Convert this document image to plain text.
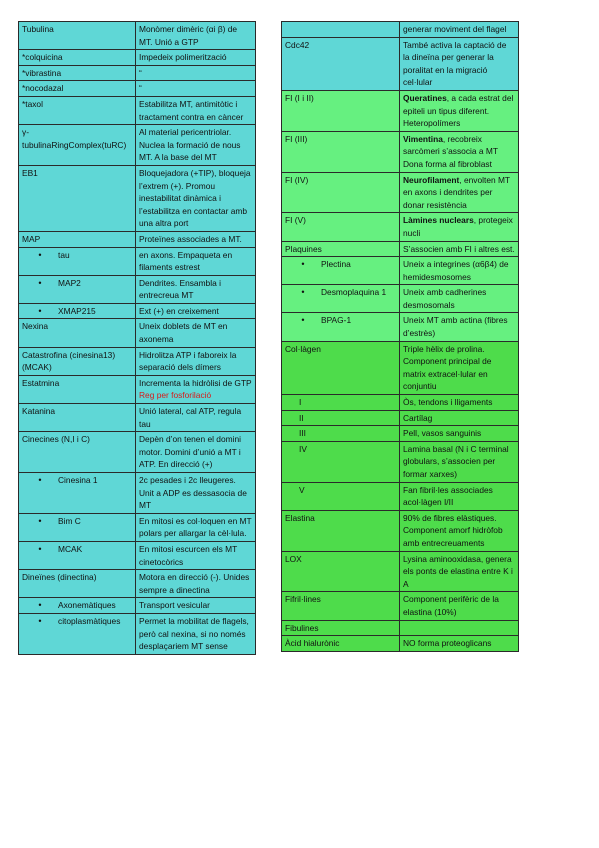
Tubulina	Monòmer dimèric (αi β) de MT. Unió a GTP
*colquicina	Impedeix polimerització
*vibrastina	“
*nocodazal	“
*taxol	Estabilitza MT, antimitòtic i tractament contra en càncer
γ-tubulinaRingComplex(tuRC)	Al material pericentriolar. Nuclea la formació de nous MT. A la base del MT
EB1	Bloquejadora (+TIP), bloqueja l’extrem (+). Promou inestabilitat dinàmica i l’estabilitza en contactar amb una altra port
MAP	Proteïnes associades a MT.

•
tau	en axons. Empaqueta en filaments estrest

•
MAP2	Dendrites. Ensambla i entrecreua MT

•
XMAP215	Ext (+) en creixement
Nexina	Uneix doblets de MT en axonema
Catastrofina (cinesina13) (MCAK)	Hidrolitza ATP i faboreix la separació dels dímers
Estatmina	Incrementa la hidròlisi de GTP
Reg per fosforilació
Katanina	Unió lateral, cal ATP, regula tau
Cinecines (N,I i C)	Depèn d’on tenen el domini motor. Domini d’unió a MT i ATP. En direcció (+)

•
Cinesina 1	2c pesades i 2c lleugeres. Unit a ADP es dessasocia de MT

•
Bim C	En mitosi es col·loquen en MT polars per allargar la cèl·lula.

•
MCAK	En mitosi escurcen els MT cinetocòrics
Dineïnes (dinectina)	Motora en direcció (-). Unides sempre a dinectina

•
Axonemàtiques	Transport vesicular

•
citoplasmàtiques	Permet la mobilitat de flagels, però cal nexina, si no només desplaçariem MT sense
	generar moviment del flagel
Cdc42	També activa la captació de la dineïna per generar la poralitat en la migració cel·lular
FI (I i II)	Queratines, a cada estrat del epiteli un tipus diferent. Heteropolímers
FI (III)	Vimentina, recobreix sarcòmeri s’associa a MT Dona forma al fibroblast
FI (IV)	Neurofilament, envolten MT en axons i dendrites per donar resistència
FI (V)	Làmines nuclears, protegeix nucli
Plaquines	S’associen amb FI i altres est.

•
Plectina	Uneix a integrines (α6β4) de hemidesmosomes

•
Desmoplaquina 1	Uneix amb cadherines desmosomals

•
BPAG-1	Uneix MT amb actina (fibres d’estrès)
Col·làgen	Triple hèlix de prolina. Component principal de matrix extracel·lular en conjuntiu

I	Òs, tendons i lligaments

II	Cartílag

III	Pell, vasos sanguinis

IV	Lamina basal (N i C terminal globulars, s’associen per formar xarxes)

V	Fan fibril·les associades acol·làgen I/II
Elastina	90% de fibres elàstiques. Component amorf hidròfob amb entrecreuaments
LOX	Lysina aminooxidasa, genera els ponts de elastina entre K i A
Fifril·lines	Component perifèric de la elastina (10%)
Fibulines	
Àcid hialurònic	NO forma proteoglicans
